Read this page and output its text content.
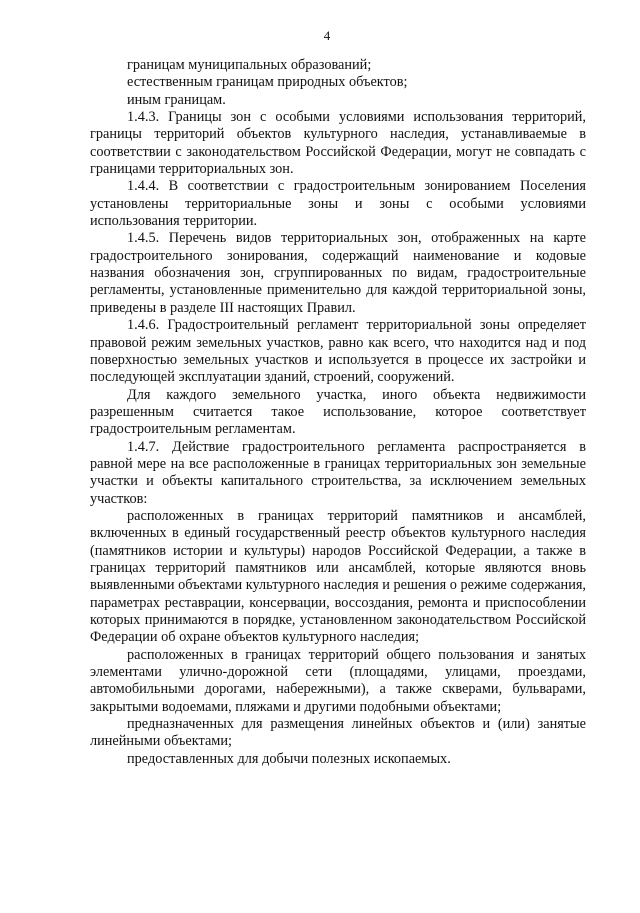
4

границам муниципальных образований;

естественным границам природных объектов;

иным границам.

1.4.3. Границы зон с особыми условиями использования территорий, границы территорий объектов культурного наследия, устанавливаемые в соответствии с законодательством Российской Федерации, могут не совпадать с границами территориальных зон.

1.4.4. В соответствии с градостроительным зонированием Поселения установлены территориальные зоны и зоны с особыми условиями использования территории.

1.4.5. Перечень видов территориальных зон, отображенных на карте градостроительного зонирования, содержащий наименование и кодовые названия обозначения зон, сгруппированных по видам, градостроительные регламенты, установленные применительно для каждой территориальной зоны, приведены в разделе III настоящих Правил.

1.4.6. Градостроительный регламент территориальной зоны определяет правовой режим земельных участков, равно как всего, что находится над и под поверхностью земельных участков и используется в процессе их застройки и последующей эксплуатации зданий, строений, сооружений.

Для каждого земельного участка, иного объекта недвижимости разрешенным считается такое использование, которое соответствует градостроительным регламентам.

1.4.7. Действие градостроительного регламента распространяется в равной мере на все расположенные в границах территориальных зон земельные участки и объекты капитального строительства, за исключением земельных участков:

расположенных в границах территорий памятников и ансамблей, включенных в единый государственный реестр объектов культурного наследия (памятников истории и культуры) народов Российской Федерации, а также в границах территорий памятников или ансамблей, которые являются вновь выявленными объектами культурного наследия и решения о режиме содержания, параметрах реставрации, консервации, воссоздания, ремонта и приспособлении которых принимаются в порядке, установленном законодательством Российской Федерации об охране объектов культурного наследия;

расположенных в границах территорий общего пользования и занятых элементами улично-дорожной сети (площадями, улицами, проездами, автомобильными дорогами, набережными), а также скверами, бульварами, закрытыми водоемами, пляжами и другими подобными объектами;

предназначенных для размещения линейных объектов и (или) занятые линейными объектами;

предоставленных для добычи полезных ископаемых.
